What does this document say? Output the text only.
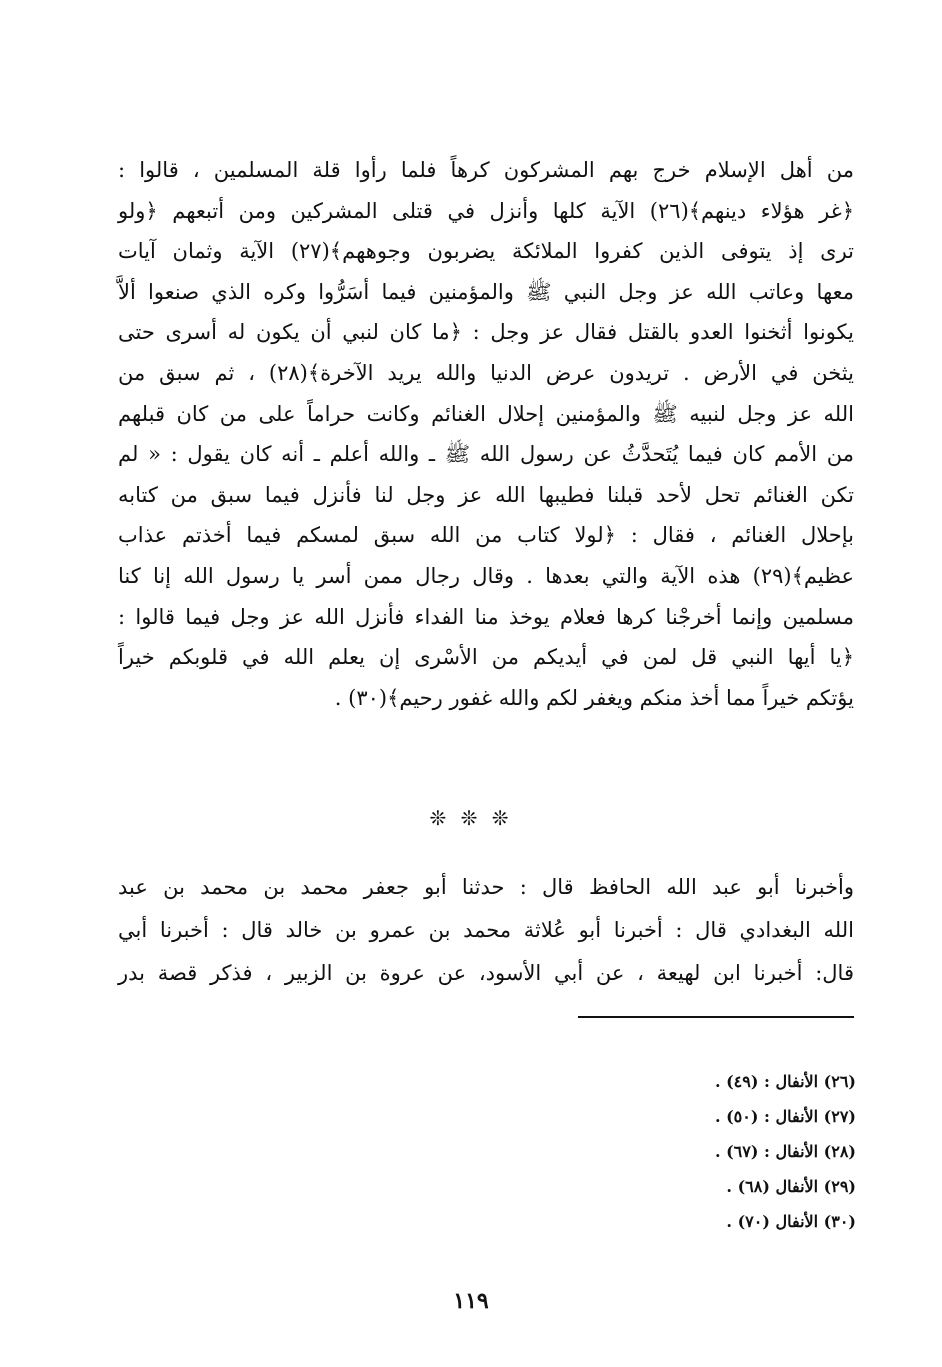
من أهل الإسلام خرج بهم المشركون كرهاً فلما رأوا قلة المسلمين ، قالوا :
﴿غر هؤلاء دينهم﴾(٢٦) الآية كلها وأنزل في قتلى المشركين ومن أتبعهم ﴿ولو
ترى إذ يتوفى الذين كفروا الملائكة يضربون وجوههم﴾(٢٧) الآية وثمان آيات
معها وعاتب الله عز وجل النبي ﷺ والمؤمنين فيما أسَرُّوا وكره الذي صنعوا ألاَّ
يكونوا أثخنوا العدو بالقتل فقال عز وجل : ﴿ما كان لنبي أن يكون له أسرى حتى
يثخن في الأرض . تريدون عرض الدنيا والله يريد الآخرة﴾(٢٨) ، ثم سبق من
الله عز وجل لنبيه ﷺ والمؤمنين إحلال الغنائم وكانت حراماً على من كان قبلهم
من الأمم كان فيما يُتَحدَّثُ عن رسول الله ﷺ ـ والله أعلم ـ أنه كان يقول : « لم
تكن الغنائم تحل لأحد قبلنا فطيبها الله عز وجل لنا فأنزل فيما سبق من كتابه
بإحلال الغنائم ، فقال : ﴿لولا كتاب من الله سبق لمسكم فيما أخذتم عذاب
عظيم﴾(٢٩) هذه الآية والتي بعدها . وقال رجال ممن أسر يا رسول الله إنا كنا
مسلمين وإنما أخرجْنا كرها فعلام يوخذ منا الفداء فأنزل الله عز وجل فيما قالوا :
﴿يا أيها النبي قل لمن في أيديكم من الأسْرى إن يعلم الله في قلوبكم خيراً
يؤتكم خيراً مما أخذ منكم ويغفر لكم والله غفور رحيم﴾(٣٠) .
❊ ❊ ❊
وأخبرنا أبو عبد الله الحافظ قال : حدثنا أبو جعفر محمد بن محمد بن عبد
الله البغدادي قال : أخبرنا أبو عُلاثة محمد بن عمرو بن خالد قال : أخبرنا أبي
قال: أخبرنا ابن لهيعة ، عن أبي الأسود، عن عروة بن الزبير ، فذكر قصة بدر
(٢٦) الأنفال : (٤٩) .
(٢٧) الأنفال : (٥٠) .
(٢٨) الأنفال : (٦٧) .
(٢٩) الأنفال (٦٨) .
(٣٠) الأنفال (٧٠) .
١١٩
